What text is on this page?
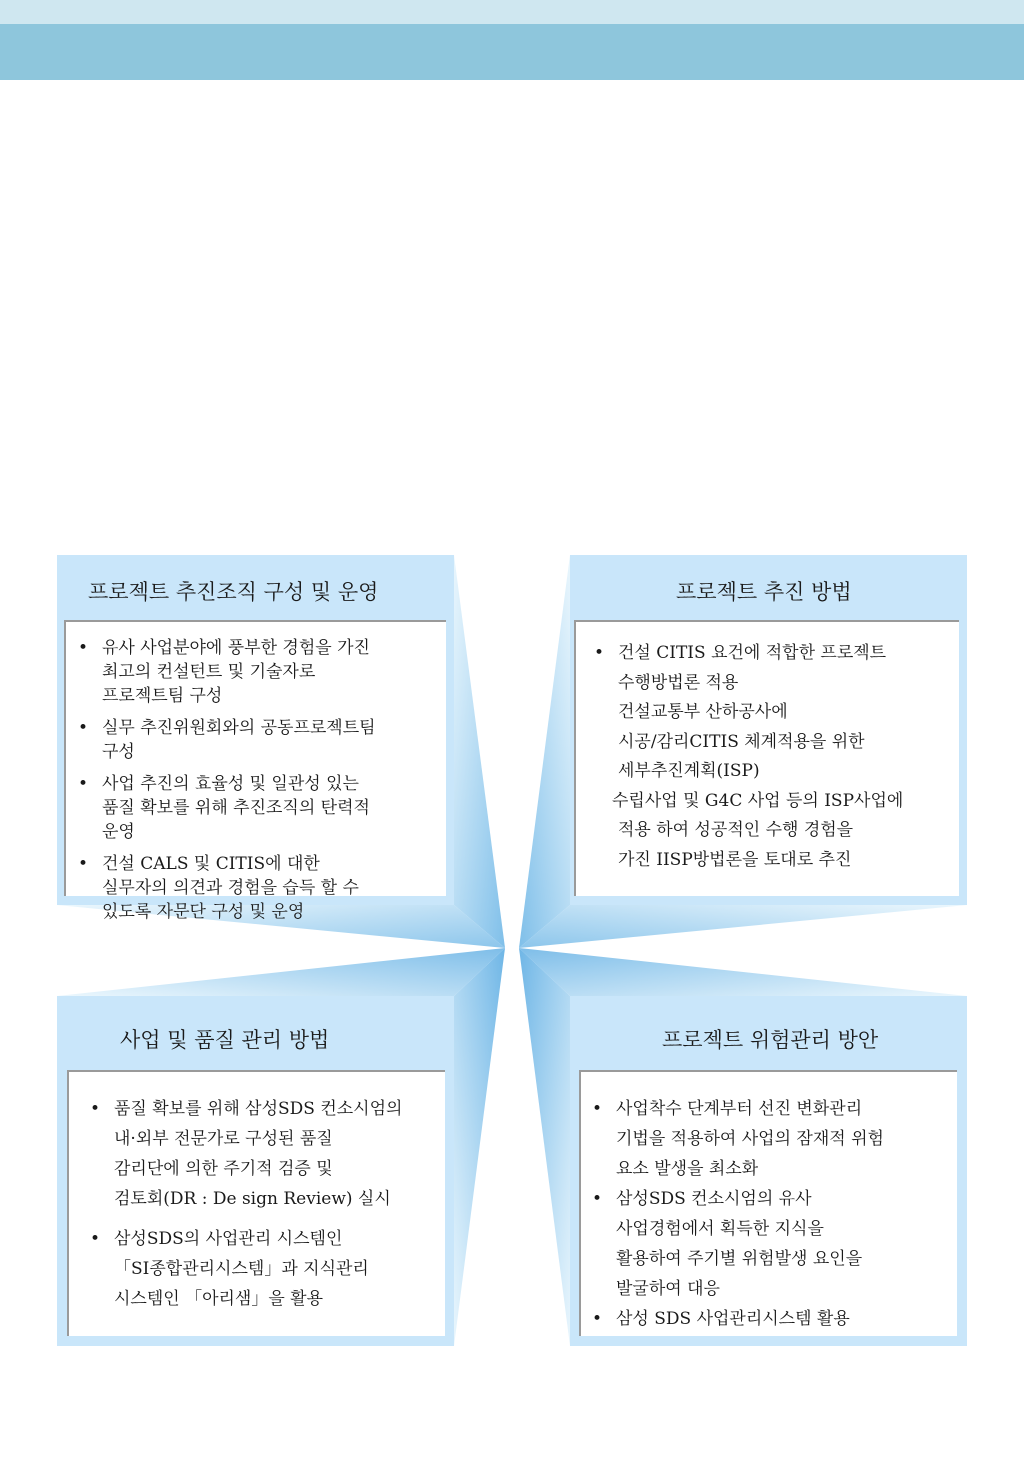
프로젝트 추진조직 구성 및 운영
• 유사 사업분야에 풍부한 경험을 가진
최고의 컨설턴트 및 기술자로
프로젝트팀 구성
• 실무 추진위원회와의 공동프로젝트팀
구성
• 사업 추진의 효율성 및 일관성 있는
품질 확보를 위해 추진조직의 탄력적
운영
• 건설 CALS 및 CITIS에 대한
실무자의 의견과 경험을 습득 할 수
있도록 자문단 구성 및 운영
프로젝트 추진 방법
• 건설 CITIS 요건에 적합한 프로젝트
수행방법론 적용
건설교통부 산하공사에
시공/감리CITIS 체계적용을 위한
세부추진계획(ISP)
수립사업 및 G4C 사업 등의 ISP사업에
적용 하여 성공적인 수행 경험을
가진 IISP방법론을 토대로 추진
사업 및 품질 관리 방법
• 품질 확보를 위해 삼성SDS 컨소시엄의
내·외부 전문가로 구성된 품질
감리단에 의한 주기적 검증 및
검토회(DR : De sign Review) 실시
• 삼성SDS의 사업관리 시스템인
「SI종합관리시스템」과 지식관리
시스템인 「아리샘」을 활용
프로젝트 위험관리 방안
• 사업착수 단계부터 선진 변화관리
기법을 적용하여 사업의 잠재적 위험
요소 발생을 최소화
• 삼성SDS 컨소시엄의 유사
사업경험에서 획득한 지식을
활용하여 주기별 위험발생 요인을
발굴하여 대응
• 삼성 SDS 사업관리시스템 활용
